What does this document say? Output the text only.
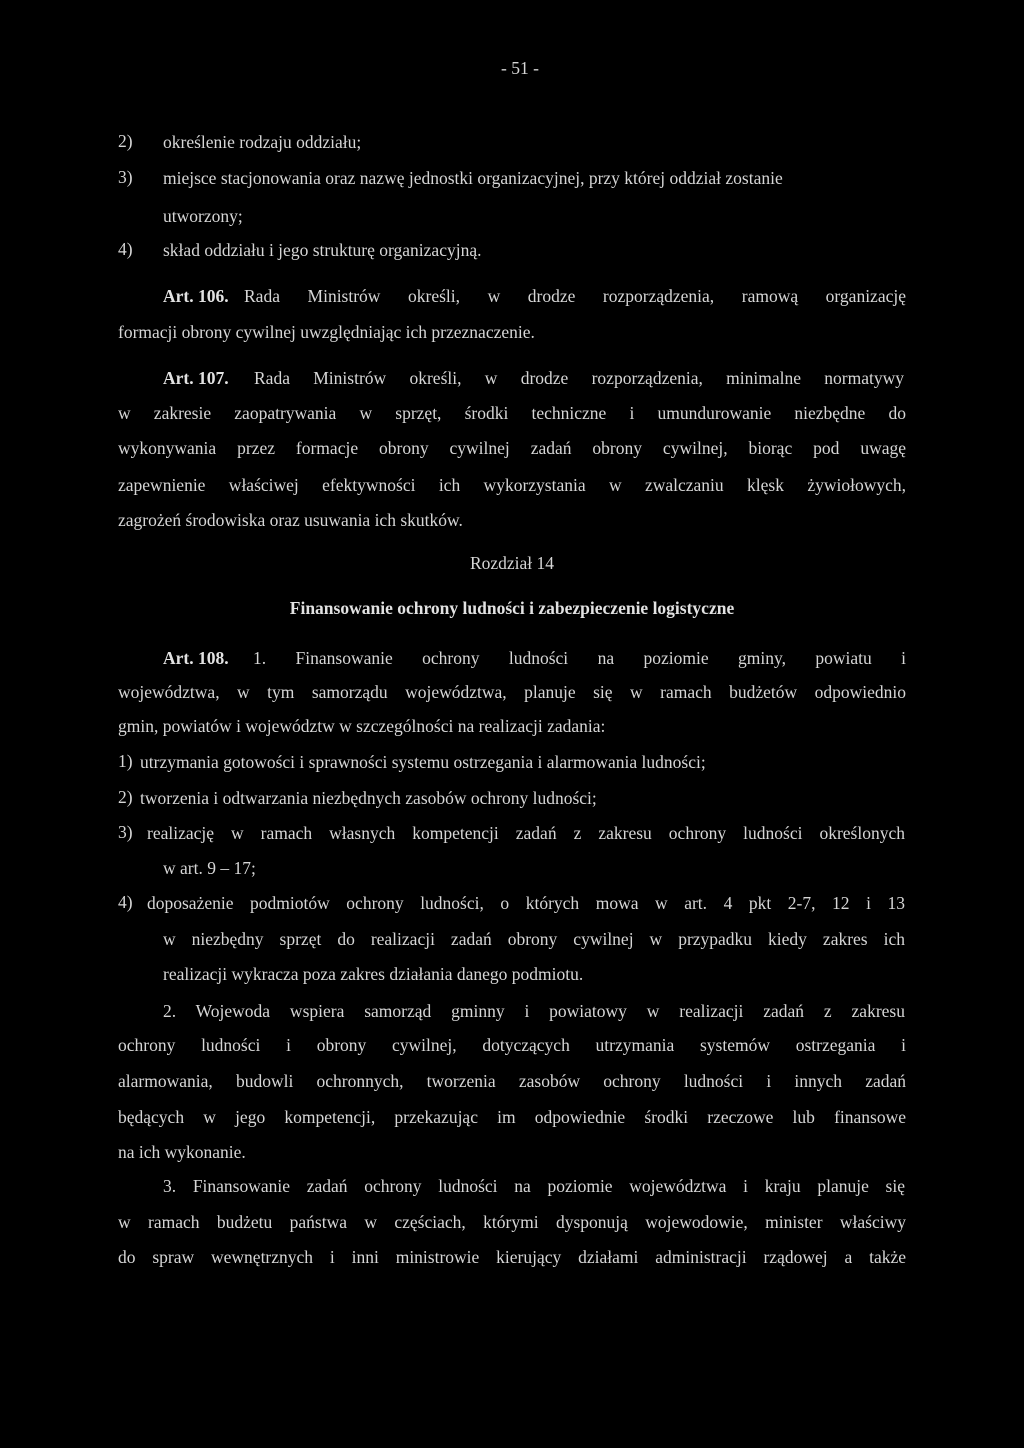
- 51 -
2) określenie rodzaju oddziału;
3) miejsce stacjonowania oraz nazwę jednostki organizacyjnej, przy której oddział zostanie
utworzony;
4) skład oddziału i jego strukturę organizacyjną.
Art. 106. Rada Ministrów określi, w drodze rozporządzenia, ramową organizację
formacji obrony cywilnej uwzględniając ich przeznaczenie.
Art. 107. Rada Ministrów określi, w drodze rozporządzenia, minimalne normatywy
w zakresie zaopatrywania w sprzęt, środki techniczne i umundurowanie niezbędne do
wykonywania przez formacje obrony cywilnej zadań obrony cywilnej, biorąc pod uwagę
zapewnienie właściwej efektywności ich wykorzystania w zwalczaniu klęsk żywiołowych,
zagrożeń środowiska oraz usuwania ich skutków.
Rozdział 14
Finansowanie ochrony ludności i zabezpieczenie logistyczne
Art. 108. 1. Finansowanie ochrony ludności na poziomie gminy, powiatu i
województwa, w tym samorządu województwa, planuje się w ramach budżetów odpowiednio
gmin, powiatów i województw w szczególności na realizacji zadania:
1) utrzymania gotowości i sprawności systemu ostrzegania i alarmowania ludności;
2) tworzenia i odtwarzania niezbędnych zasobów ochrony ludności;
3) realizację w ramach własnych kompetencji zadań z zakresu ochrony ludności określonych
w art. 9 – 17;
4) doposażenie podmiotów ochrony ludności, o których mowa w art. 4 pkt 2-7, 12 i 13
w niezbędny sprzęt do realizacji zadań obrony cywilnej w przypadku kiedy zakres ich
realizacji wykracza poza zakres działania danego podmiotu.
2. Wojewoda wspiera samorząd gminny i powiatowy w realizacji zadań z zakresu
ochrony ludności i obrony cywilnej, dotyczących utrzymania systemów ostrzegania i
alarmowania, budowli ochronnych, tworzenia zasobów ochrony ludności i innych zadań
będących w jego kompetencji, przekazując im odpowiednie środki rzeczowe lub finansowe
na ich wykonanie.
3. Finansowanie zadań ochrony ludności na poziomie województwa i kraju planuje się
w ramach budżetu państwa w częściach, którymi dysponują wojewodowie, minister właściwy
do spraw wewnętrznych i inni ministrowie kierujący działami administracji rządowej a także
